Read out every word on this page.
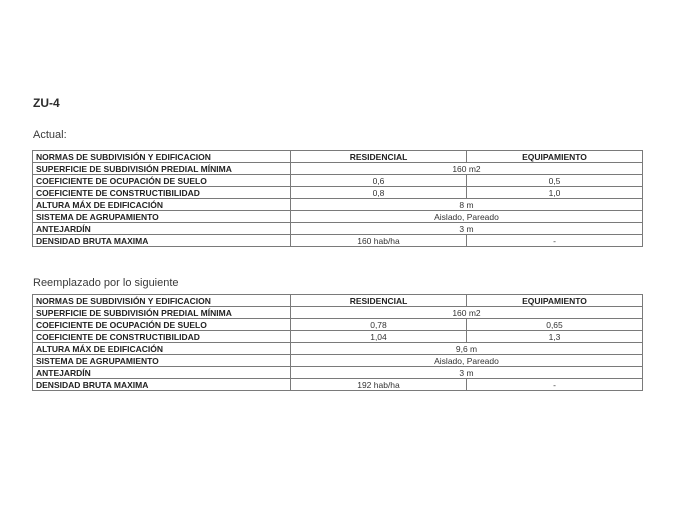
ZU-4
Actual:
NORMAS DE SUBDIVISIÓN Y EDIFICACION	RESIDENCIAL	EQUIPAMIENTO
SUPERFICIE DE SUBDIVISIÓN PREDIAL MÍNIMA	160 m2	
COEFICIENTE DE OCUPACIÓN DE SUELO	0,6	0,5
COEFICIENTE DE CONSTRUCTIBILIDAD	0,8	1,0
ALTURA MÁX DE EDIFICACIÓN	8 m	
SISTEMA DE AGRUPAMIENTO	Aislado, Pareado	
ANTEJARDÍN	3 m	
DENSIDAD BRUTA MAXIMA	160 hab/ha	-
Reemplazado por lo siguiente
NORMAS DE SUBDIVISIÓN Y EDIFICACION	RESIDENCIAL	EQUIPAMIENTO
SUPERFICIE DE SUBDIVISIÓN PREDIAL MÍNIMA	160 m2	
COEFICIENTE DE OCUPACIÓN DE SUELO	0,78	0,65
COEFICIENTE DE CONSTRUCTIBILIDAD	1,04	1,3
ALTURA MÁX DE EDIFICACIÓN	9,6 m	
SISTEMA DE AGRUPAMIENTO	Aislado, Pareado	
ANTEJARDÍN	3 m	
DENSIDAD BRUTA MAXIMA	192 hab/ha	-
